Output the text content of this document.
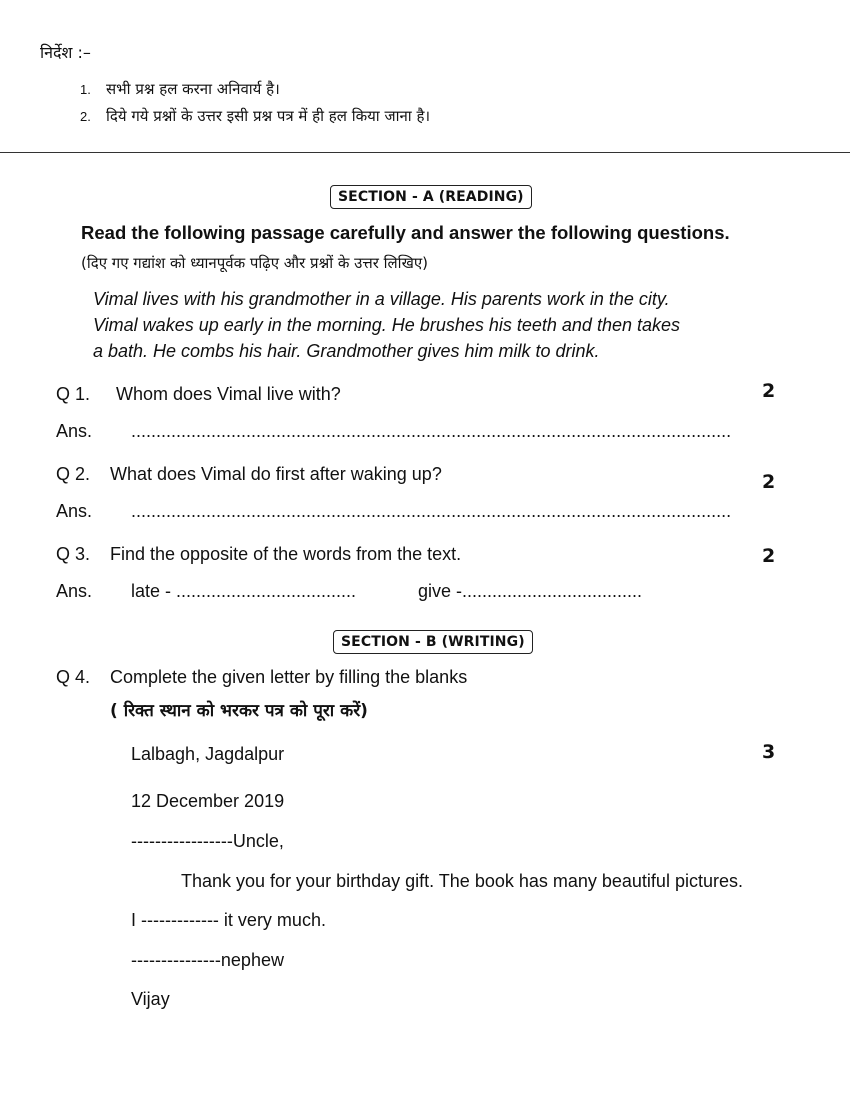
निर्देश :–
1. सभी प्रश्न हल करना अनिवार्य है।
2. दिये गये प्रश्नों के उत्तर इसी प्रश्न पत्र में ही हल किया जाना है।
SECTION - A (READING)
Read the following passage carefully and answer the following questions.
(दिए गए गद्यांश को ध्यानपूर्वक पढ़िए और प्रश्नों के उत्तर लिखिए)
Vimal lives with his grandmother in a village. His parents work in the city.
Vimal wakes up early in the morning. He brushes his teeth and then takes
a bath. He combs his hair. Grandmother gives him milk to drink.
Q 1. Whom does Vimal live with?	2
Ans. ........................................................................................................................
Q 2. What does Vimal do first after waking up?	2
Ans. ........................................................................................................................
Q 3. Find the opposite of the words from the text.	2
Ans. late - ....................................	give -....................................
SECTION - B (WRITING)
Q 4. Complete the given letter by filling the blanks
( रिक्त स्थान को भरकर पत्र को पूरा करें)
3
Lalbagh, Jagdalpur
12 December 2019
-----------------Uncle,
Thank you for your birthday gift. The book has many beautiful pictures.
I ------------- it very much.
---------------nephew
Vijay
